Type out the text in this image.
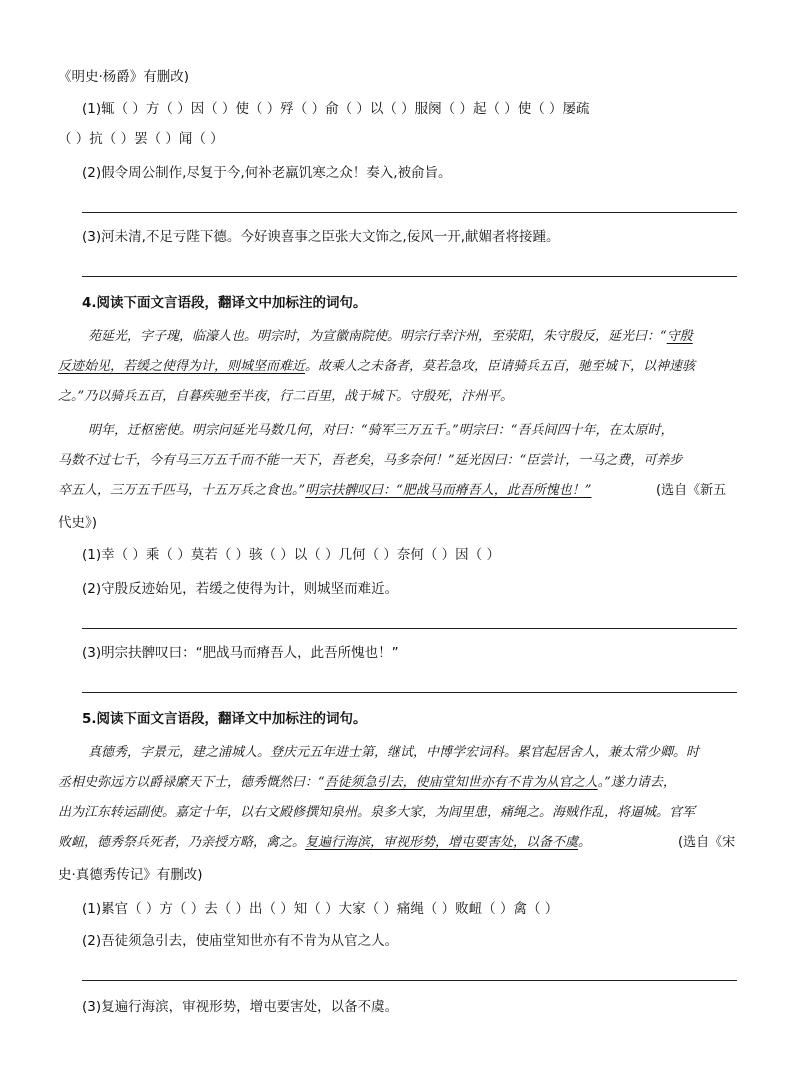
《明史·杨爵》有删改)
(1)辄（ ）方（ ）因（ ）使（ ）殍（ ）俞（ ）以（ ）服阕（ ）起（ ）使（ ）屡疏
（ ）抗（ ）罢（ ）闻（ ）
(2)假令周公制作,尽复于今,何补老羸饥寒之众！奏入,被俞旨。
(3)河未清,不足亏陛下德。今好谀喜事之臣张大文饰之,佞风一开,献媚者将接踵。
4.阅读下面文言语段，翻译文中加标注的词句。
苑延光，字子瑰，临濠人也。明宗时，为宣徽南院使。明宗行幸汴州，至荥阳，朱守殷反，延光曰：“守殷
反迹始见，若缓之使得为计，则城坚而难近。故乘人之未备者，莫若急攻，臣请骑兵五百，驰至城下，以神速骇
之。”乃以骑兵五百，自暮疾驰至半夜，行二百里，战于城下。守殷死，汴州平。
明年，迁枢密使。明宗问延光马数几何，对曰：“骑军三万五千。”明宗曰：“吾兵间四十年，在太原时，
马数不过七千，今有马三万五千而不能一天下，吾老矣，马多奈何！”延光因曰：“臣尝计，一马之费，可养步
卒五人，三万五千匹马，十五万兵之食也。”明宗扶髀叹曰：“肥战马而瘠吾人，此吾所愧也！”	(选自《新五
代史》)
(1)幸（ ）乘（ ）莫若（ ）骇（ ）以（ ）几何（ ）奈何（ ）因（ ）
(2)守殷反迹始见，若缓之使得为计，则城坚而难近。
(3)明宗扶髀叹曰：“肥战马而瘠吾人，此吾所愧也！”
5.阅读下面文言语段，翻译文中加标注的词句。
真德秀，字景元，建之浦城人。登庆元五年进士第，继试，中博学宏词科。累官起居舍人，兼太常少卿。时
丞相史弥远方以爵禄縻天下士，德秀慨然曰：“吾徒须急引去，使庙堂知世亦有不肯为从官之人。”遂力请去，
出为江东转运副使。嘉定十年，以右文殿修撰知泉州。泉多大家，为闾里患，痛绳之。海贼作乱，将逼城。官军
败衄，德秀祭兵死者，乃亲授方略，禽之。复遍行海滨，审视形势，增屯要害处，以备不虞。	(选自《宋
史·真德秀传记》有删改)
(1)累官（ ）方（ ）去（ ）出（ ）知（ ）大家（ ）痛绳（ ）败衄（ ）禽（ ）
(2)吾徒须急引去，使庙堂知世亦有不肯为从官之人。
(3)复遍行海滨，审视形势，增屯要害处，以备不虞。
